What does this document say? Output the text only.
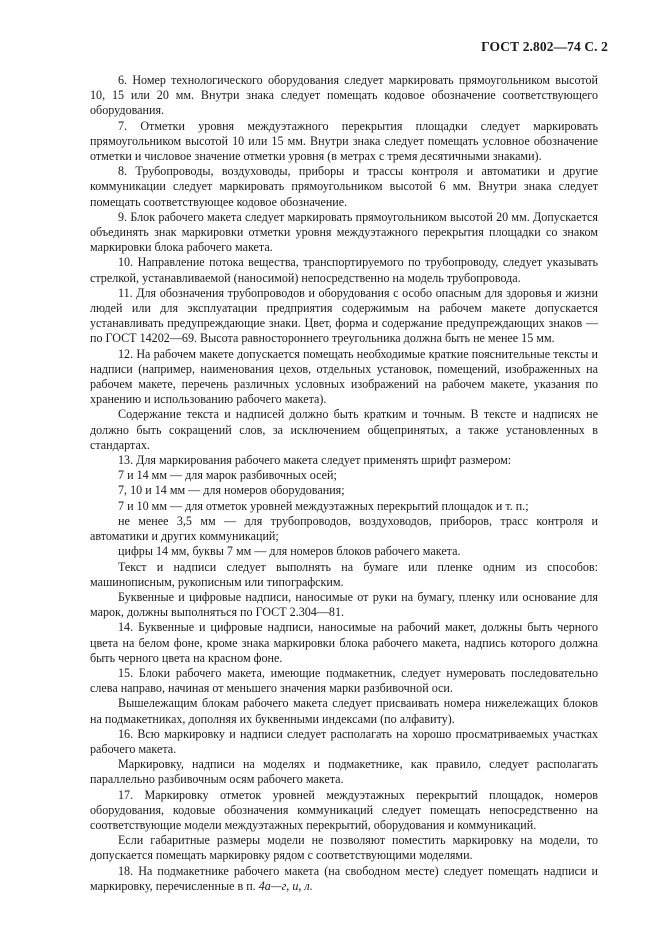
ГОСТ 2.802—74 С. 2

6. Номер технологического оборудования следует маркировать прямоугольником высотой 10, 15 или 20 мм. Внутри знака следует помещать кодовое обозначение соответствующего оборудования.

7. Отметки уровня междуэтажного перекрытия площадки следует маркировать прямоугольником высотой 10 или 15 мм. Внутри знака следует помещать условное обозначение отметки и числовое значение отметки уровня (в метрах с тремя десятичными знаками).

8. Трубопроводы, воздуховоды, приборы и трассы контроля и автоматики и другие коммуникации следует маркировать прямоугольником высотой 6 мм. Внутри знака следует помещать соответствующее кодовое обозначение.

9. Блок рабочего макета следует маркировать прямоугольником высотой 20 мм. Допускается объединять знак маркировки отметки уровня междуэтажного перекрытия площадки со знаком маркировки блока рабочего макета.

10. Направление потока вещества, транспортируемого по трубопроводу, следует указывать стрелкой, устанавливаемой (наносимой) непосредственно на модель трубопровода.

11. Для обозначения трубопроводов и оборудования с особо опасным для здоровья и жизни людей или для эксплуатации предприятия содержимым на рабочем макете допускается устанавливать предупреждающие знаки. Цвет, форма и содержание предупреждающих знаков — по ГОСТ 14202—69. Высота равностороннего треугольника должна быть не менее 15 мм.

12. На рабочем макете допускается помещать необходимые краткие пояснительные тексты и надписи (например, наименования цехов, отдельных установок, помещений, изображенных на рабочем макете, перечень различных условных изображений на рабочем макете, указания по хранению и использованию рабочего макета).

Содержание текста и надписей должно быть кратким и точным. В тексте и надписях не должно быть сокращений слов, за исключением общепринятых, а также установленных в стандартах.

13. Для маркирования рабочего макета следует применять шрифт размером:

7 и 14 мм — для марок разбивочных осей;

7, 10 и 14 мм — для номеров оборудования;

7 и 10 мм — для отметок уровней междуэтажных перекрытий площадок и т. п.;

не менее 3,5 мм — для трубопроводов, воздуховодов, приборов, трасс контроля и автоматики и других коммуникаций;

цифры 14 мм, буквы 7 мм — для номеров блоков рабочего макета.

Текст и надписи следует выполнять на бумаге или пленке одним из способов: машинописным, рукописным или типографским.

Буквенные и цифровые надписи, наносимые от руки на бумагу, пленку или основание для марок, должны выполняться по ГОСТ 2.304—81.

14. Буквенные и цифровые надписи, наносимые на рабочий макет, должны быть черного цвета на белом фоне, кроме знака маркировки блока рабочего макета, надпись которого должна быть черного цвета на красном фоне.

15. Блоки рабочего макета, имеющие подмакетник, следует нумеровать последовательно слева направо, начиная от меньшего значения марки разбивочной оси.

Вышележащим блокам рабочего макета следует присваивать номера нижележащих блоков на подмакетниках, дополняя их буквенными индексами (по алфавиту).

16. Всю маркировку и надписи следует располагать на хорошо просматриваемых участках рабочего макета.

Маркировку, надписи на моделях и подмакетнике, как правило, следует располагать параллельно разбивочным осям рабочего макета.

17. Маркировку отметок уровней междуэтажных перекрытий площадок, номеров оборудования, кодовые обозначения коммуникаций следует помещать непосредственно на соответствующие модели междуэтажных перекрытий, оборудования и коммуникаций.

Если габаритные размеры модели не позволяют поместить маркировку на модели, то допускается помещать маркировку рядом с соответствующими моделями.

18. На подмакетнике рабочего макета (на свободном месте) следует помещать надписи и маркировку, перечисленные в п. 4а—г, и, л.
